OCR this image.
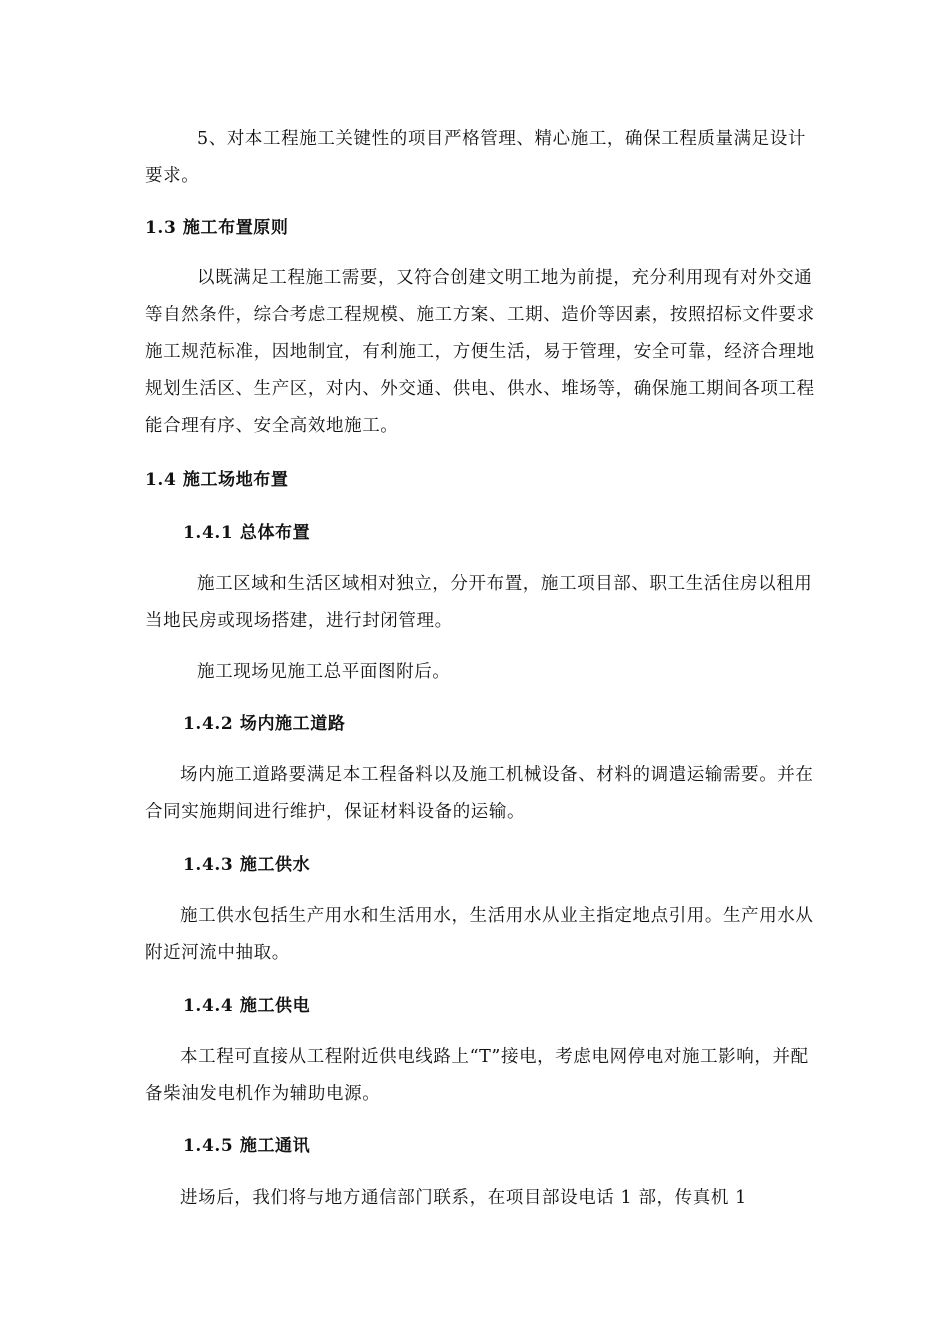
5、对本工程施工关键性的项目严格管理、精心施工，确保工程质量满足设计要求。

1.3 施工布置原则

以既满足工程施工需要，又符合创建文明工地为前提，充分利用现有对外交通等自然条件，综合考虑工程规模、施工方案、工期、造价等因素，按照招标文件要求施工规范标准，因地制宜，有利施工，方便生活，易于管理，安全可靠，经济合理地规划生活区、生产区，对内、外交通、供电、供水、堆场等，确保施工期间各项工程能合理有序、安全高效地施工。

1.4 施工场地布置

1.4.1 总体布置

施工区域和生活区域相对独立，分开布置，施工项目部、职工生活住房以租用当地民房或现场搭建，进行封闭管理。

施工现场见施工总平面图附后。

1.4.2 场内施工道路

场内施工道路要满足本工程备料以及施工机械设备、材料的调遣运输需要。并在合同实施期间进行维护，保证材料设备的运输。

1.4.3 施工供水

施工供水包括生产用水和生活用水，生活用水从业主指定地点引用。生产用水从附近河流中抽取。

1.4.4 施工供电

本工程可直接从工程附近供电线路上“T”接电，考虑电网停电对施工影响，并配备柴油发电机作为辅助电源。

1.4.5 施工通讯

进场后，我们将与地方通信部门联系，在项目部设电话 1 部，传真机 1
